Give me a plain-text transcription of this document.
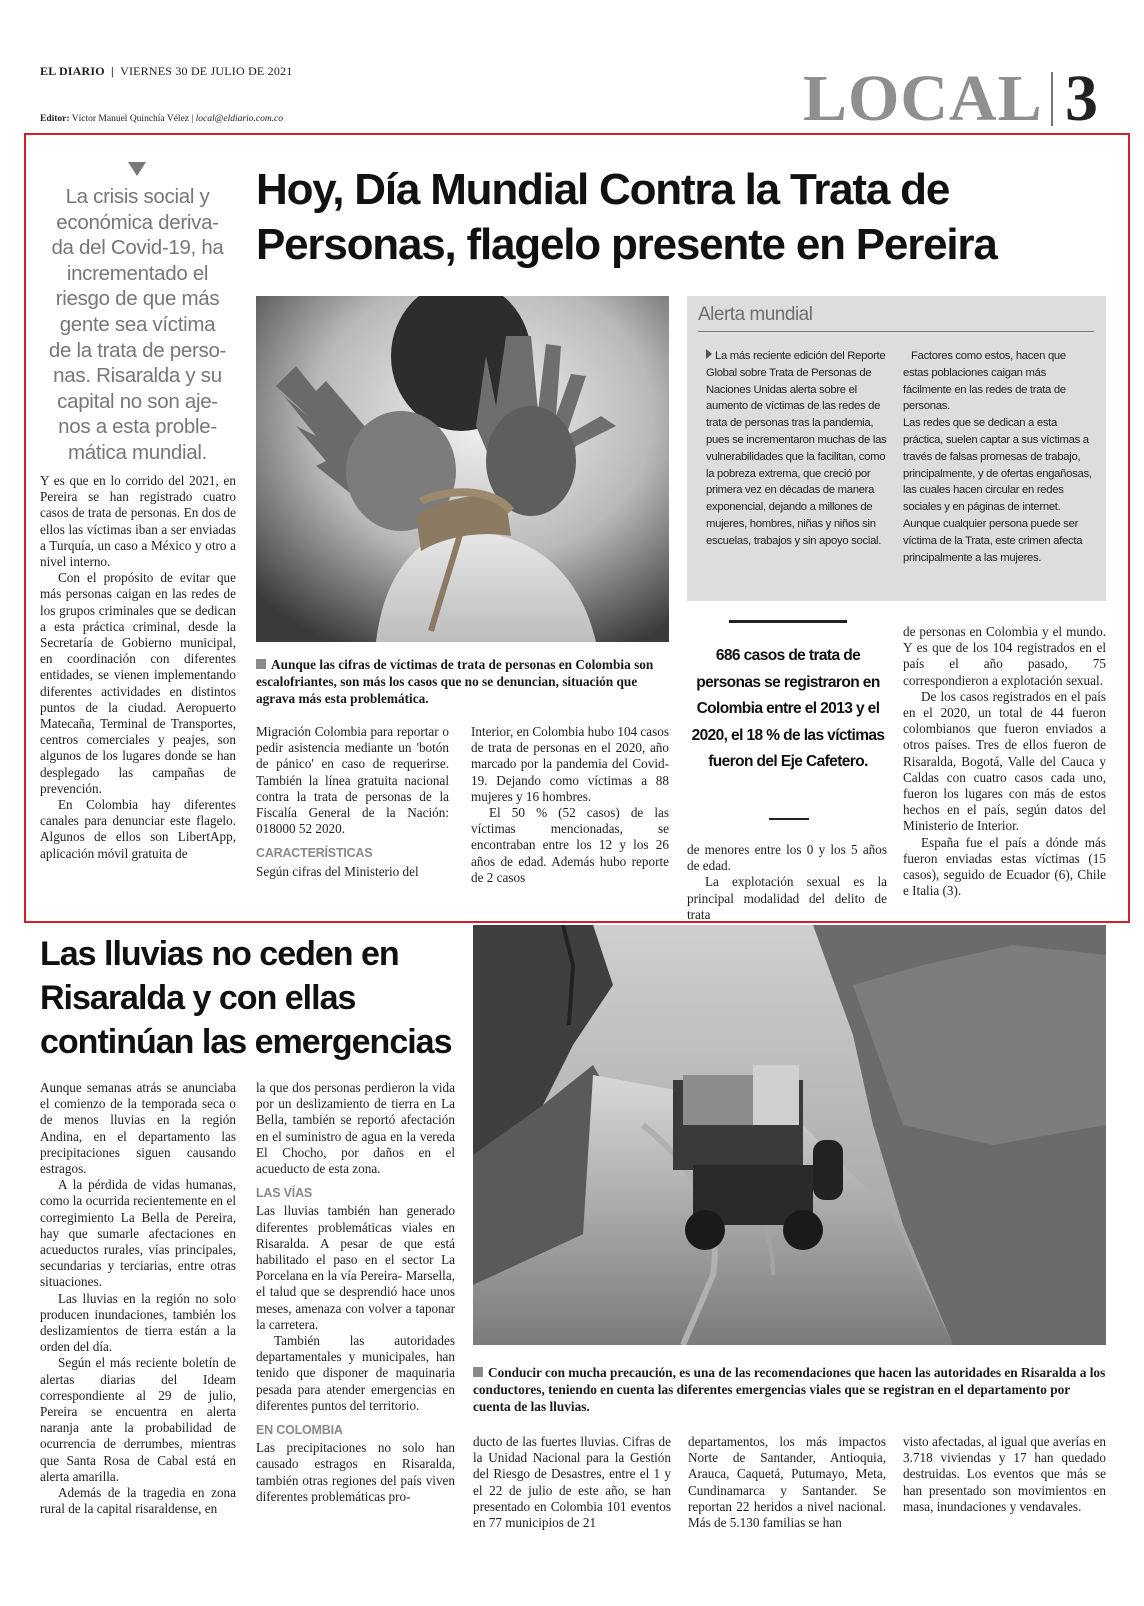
EL DIARIO | VIERNES 30 DE JULIO DE 2021
Editor: Víctor Manuel Quinchía Vélez | local@eldiario.com.co	LOCAL 3
La crisis social y
económica deriva-
da del Covid-19, ha
incrementado el
riesgo de que más
gente sea víctima
de la trata de perso-
nas. Risaralda y su
capital no son aje-
nos a esta proble-
mática mundial.
Hoy, Día Mundial Contra la Trata de
Personas, flagelo presente en Pereira
Aunque las cifras de víctimas de trata de personas en Colombia son escalofriantes, son más los casos que no se denuncian, situación que agrava más esta problemática.

Y es que en lo corrido del 2021, en Pereira se han registrado cuatro casos de trata de personas. En dos de ellos las víctimas iban a ser enviadas a Turquía, un caso a México y otro a nivel interno.

Con el propósito de evitar que más personas caigan en las redes de los grupos criminales que se dedican a esta práctica criminal, desde la Secretaría de Gobierno municipal, en coordinación con diferentes entidades, se vienen implementando diferentes actividades en distintos puntos de la ciudad. Aeropuerto Matecaña, Terminal de Transportes, centros comerciales y peajes, son algunos de los lugares donde se han desplegado las campañas de prevención.

En Colombia hay diferentes canales para denunciar este flagelo. Algunos de ellos son LibertApp, aplicación móvil gratuita de

Migración Colombia para reportar o pedir asistencia mediante un 'botón de pánico' en caso de requerirse. También la línea gratuita nacional contra la trata de personas de la Fiscalía General de la Nación: 018000 52 2020.

CARACTERÍSTICAS

Según cifras del Ministerio del

Interior, en Colombia hubo 104 casos de trata de personas en el 2020, año marcado por la pandemia del Covid- 19. Dejando como víctimas a 88 mujeres y 16 hombres.

El 50 % (52 casos) de las víctimas mencionadas, se encontraban entre los 12 y los 26 años de edad. Además hubo reporte de 2 casos

Alerta mundial

La más reciente edición del Reporte Global sobre Trata de Personas de Naciones Unidas alerta sobre el aumento de víctimas de las redes de trata de personas tras la pandemia, pues se incrementaron muchas de las vulnerabilidades que la facilitan, como la pobreza extrema, que creció por primera vez en décadas de manera exponencial, dejando a millones de mujeres, hombres, niñas y niños sin escuelas, trabajos y sin apoyo social.

Factores como estos, hacen que estas poblaciones caigan más fácilmente en las redes de trata de personas.

Las redes que se dedican a esta práctica, suelen captar a sus víctimas a través de falsas promesas de trabajo, principalmente, y de ofertas engañosas, las cuales hacen circular en redes sociales y en páginas de internet. Aunque cualquier persona puede ser víctima de la Trata, este crimen afecta principalmente a las mujeres.

686 casos de trata de personas se registraron en Colombia entre el 2013 y el 2020, el 18 % de las víctimas fueron del Eje Cafetero.

de menores entre los 0 y los 5 años de edad.

La explotación sexual es la principal modalidad del delito de trata

de personas en Colombia y el mundo. Y es que de los 104 registrados en el país el año pasado, 75 correspondieron a explotación sexual.

De los casos registrados en el país en el 2020, un total de 44 fueron colombianos que fueron enviados a otros países. Tres de ellos fueron de Risaralda, Bogotá, Valle del Cauca y Caldas con cuatro casos cada uno, fueron los lugares con más de estos hechos en el país, según datos del Ministerio de Interior.

España fue el país a dónde más fueron enviadas estas víctimas (15 casos), seguido de Ecuador (6), Chile e Italia (3).

Las lluvias no ceden en
Risaralda y con ellas
continúan las emergencias
Conducir con mucha precaución, es una de las recomendaciones que hacen las autoridades en Risaralda a los conductores, teniendo en cuenta las diferentes emergencias viales que se registran en el departamento por cuenta de las lluvias.

Aunque semanas atrás se anunciaba el comienzo de la temporada seca o de menos lluvias en la región Andina, en el departamento las precipitaciones siguen causando estragos.

A la pérdida de vidas humanas, como la ocurrida recientemente en el corregimiento La Bella de Pereira, hay que sumarle afectaciones en acueductos rurales, vías principales, secundarias y terciarias, entre otras situaciones.

Las lluvias en la región no solo producen inundaciones, también los deslizamientos de tierra están a la orden del día.

Según el más reciente boletín de alertas diarias del Ideam correspondiente al 29 de julio, Pereira se encuentra en alerta naranja ante la probabilidad de ocurrencia de derrumbes, mientras que Santa Rosa de Cabal está en alerta amarilla.

Además de la tragedia en zona rural de la capital risaraldense, en

la que dos personas perdieron la vida por un deslizamiento de tierra en La Bella, también se reportó afectación en el suministro de agua en la vereda El Chocho, por daños en el acueducto de esta zona.

LAS VÍAS

Las lluvias también han generado diferentes problemáticas viales en Risaralda. A pesar de que está habilitado el paso en el sector La Porcelana en la vía Pereira- Marsella, el talud que se desprendió hace unos meses, amenaza con volver a taponar la carretera.

También las autoridades departamentales y municipales, han tenido que disponer de maquinaria pesada para atender emergencias en diferentes puntos del territorio.

EN COLOMBIA

Las precipitaciones no solo han causado estragos en Risaralda, también otras regiones del país viven diferentes problemáticas pro-

ducto de las fuertes lluvias. Cifras de la Unidad Nacional para la Gestión del Riesgo de Desastres, entre el 1 y el 22 de julio de este año, se han presentado en Colombia 101 eventos en 77 municipios de 21

departamentos, los más impactos Norte de Santander, Antioquia, Arauca, Caquetá, Putumayo, Meta, Cundinamarca y Santander. Se reportan 22 heridos a nivel nacional. Más de 5.130 familias se han

visto afectadas, al igual que averías en 3.718 viviendas y 17 han quedado destruidas. Los eventos que más se han presentado son movimientos en masa, inundaciones y vendavales.
